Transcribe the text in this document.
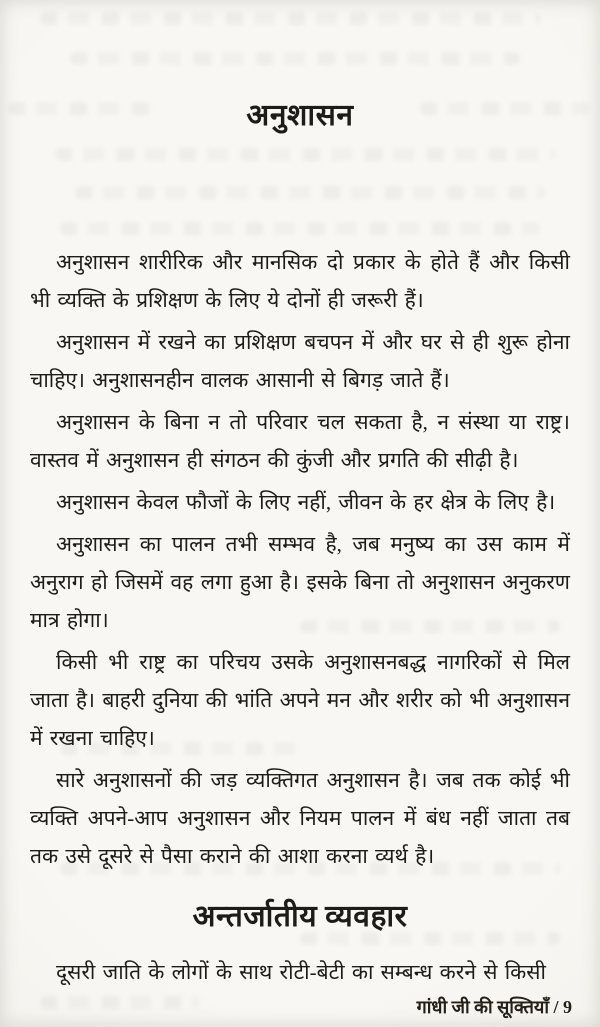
अनुशासन

अनुशासन शारीरिक और मानसिक दो प्रकार के होते हैं और किसी भी व्यक्ति के प्रशिक्षण के लिए ये दोनों ही जरूरी हैं।

अनुशासन में रखने का प्रशिक्षण बचपन में और घर से ही शुरू होना चाहिए। अनुशासनहीन वालक आसानी से बिगड़ जाते हैं।

अनुशासन के बिना न तो परिवार चल सकता है, न संस्था या राष्ट्र। वास्तव में अनुशासन ही संगठन की कुंजी और प्रगति की सीढ़ी है।

अनुशासन केवल फौजों के लिए नहीं, जीवन के हर क्षेत्र के लिए है।

अनुशासन का पालन तभी सम्भव है, जब मनुष्य का उस काम में अनुराग हो जिसमें वह लगा हुआ है। इसके बिना तो अनुशासन अनुकरण मात्र होगा।

किसी भी राष्ट्र का परिचय उसके अनुशासनबद्ध नागरिकों से मिल जाता है। बाहरी दुनिया की भांति अपने मन और शरीर को भी अनुशासन में रखना चाहिए।

सारे अनुशासनों की जड़ व्यक्तिगत अनुशासन है। जब तक कोई भी व्यक्ति अपने-आप अनुशासन और नियम पालन में बंध नहीं जाता तब तक उसे दूसरे से पैसा कराने की आशा करना व्यर्थ है।

अन्तर्जातीय व्यवहार

दूसरी जाति के लोगों के साथ रोटी-बेटी का सम्बन्ध करने से किसी

गांधी जी की सूक्तियाँ / 9
